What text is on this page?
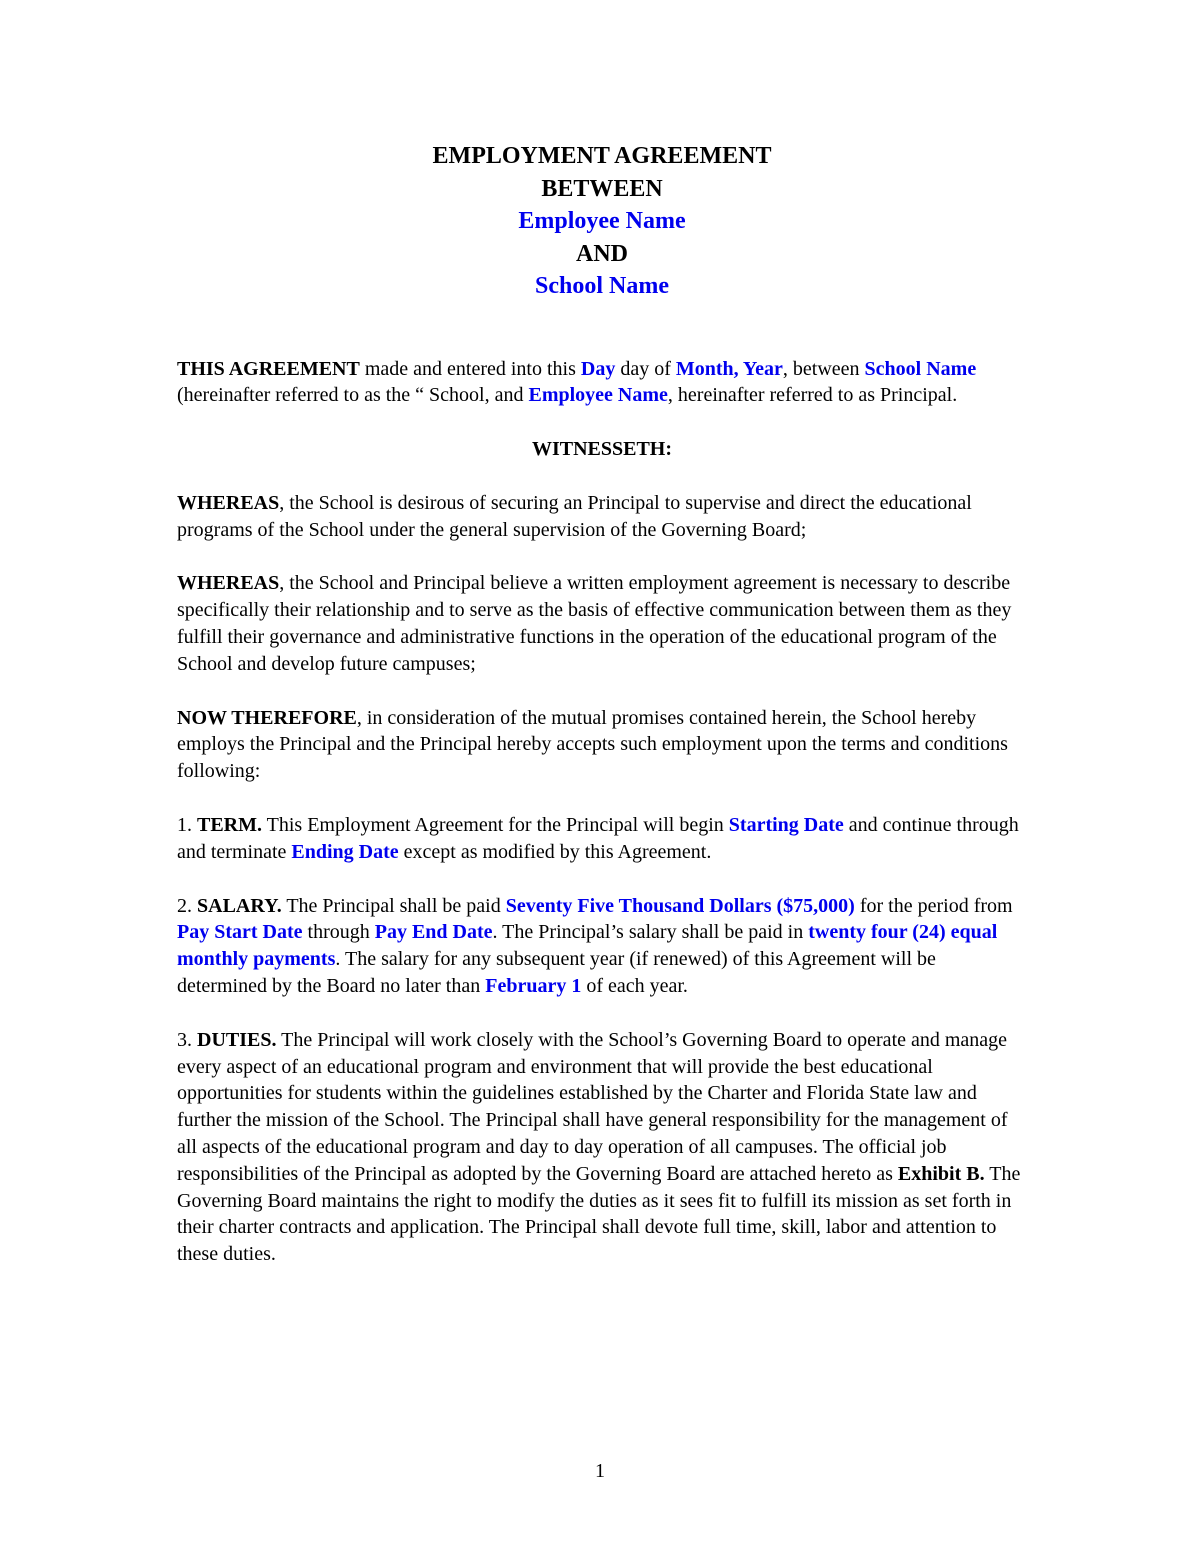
EMPLOYMENT AGREEMENT
BETWEEN
Employee Name
AND
School Name

THIS AGREEMENT made and entered into this Day day of Month, Year, between School Name (hereinafter referred to as the “ School, and Employee Name, hereinafter referred to as Principal.

WITNESSETH:

WHEREAS, the School is desirous of securing an Principal to supervise and direct the educational programs of the School under the general supervision of the Governing Board;

WHEREAS, the School and Principal believe a written employment agreement is necessary to describe specifically their relationship and to serve as the basis of effective communication between them as they fulfill their governance and administrative functions in the operation of the educational program of the School and develop future campuses;

NOW THEREFORE, in consideration of the mutual promises contained herein, the School hereby employs the Principal and the Principal hereby accepts such employment upon the terms and conditions following:

1. TERM. This Employment Agreement for the Principal will begin Starting Date and continue through and terminate Ending Date except as modified by this Agreement.

2. SALARY. The Principal shall be paid Seventy Five Thousand Dollars ($75,000) for the period from Pay Start Date through Pay End Date. The Principal’s salary shall be paid in twenty four (24) equal monthly payments. The salary for any subsequent year (if renewed) of this Agreement will be determined by the Board no later than February 1 of each year.

3. DUTIES. The Principal will work closely with the School’s Governing Board to operate and manage every aspect of an educational program and environment that will provide the best educational opportunities for students within the guidelines established by the Charter and Florida State law and further the mission of the School. The Principal shall have general responsibility for the management of all aspects of the educational program and day to day operation of all campuses. The official job responsibilities of the Principal as adopted by the Governing Board are attached hereto as Exhibit B. The Governing Board maintains the right to modify the duties as it sees fit to fulfill its mission as set forth in their charter contracts and application. The Principal shall devote full time, skill, labor and attention to these duties.

1
